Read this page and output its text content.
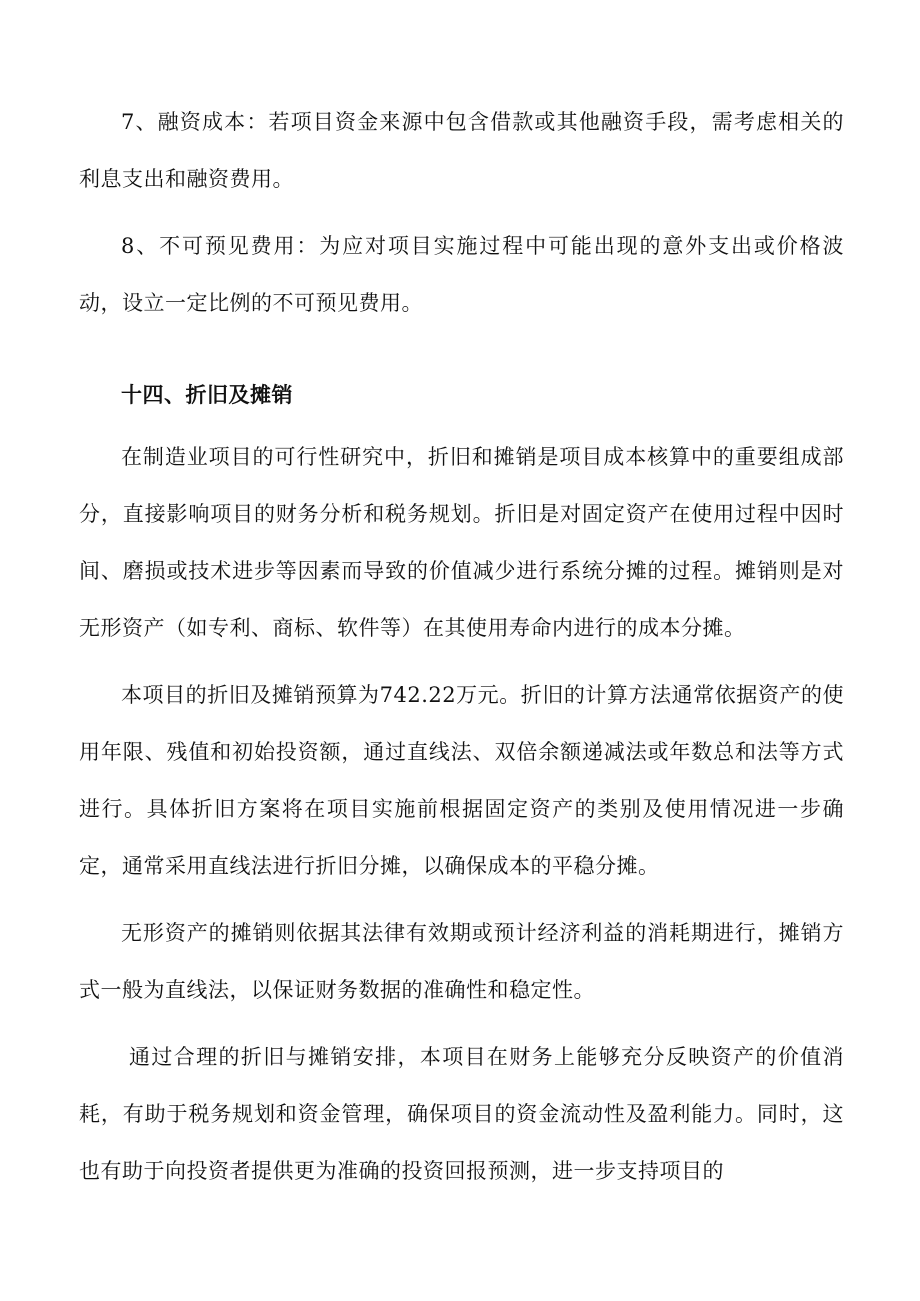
7、融资成本：若项目资金来源中包含借款或其他融资手段，需考虑相关的利息支出和融资费用。

8、不可预见费用：为应对项目实施过程中可能出现的意外支出或价格波动，设立一定比例的不可预见费用。

十四、折旧及摊销

在制造业项目的可行性研究中，折旧和摊销是项目成本核算中的重要组成部分，直接影响项目的财务分析和税务规划。折旧是对固定资产在使用过程中因时间、磨损或技术进步等因素而导致的价值减少进行系统分摊的过程。摊销则是对无形资产（如专利、商标、软件等）在其使用寿命内进行的成本分摊。

本项目的折旧及摊销预算为742.22万元。折旧的计算方法通常依据资产的使用年限、残值和初始投资额，通过直线法、双倍余额递减法或年数总和法等方式进行。具体折旧方案将在项目实施前根据固定资产的类别及使用情况进一步确定，通常采用直线法进行折旧分摊，以确保成本的平稳分摊。

无形资产的摊销则依据其法律有效期或预计经济利益的消耗期进行，摊销方式一般为直线法，以保证财务数据的准确性和稳定性。

通过合理的折旧与摊销安排，本项目在财务上能够充分反映资产的价值消耗，有助于税务规划和资金管理，确保项目的资金流动性及盈利能力。同时，这也有助于向投资者提供更为准确的投资回报预测，进一步支持项目的
